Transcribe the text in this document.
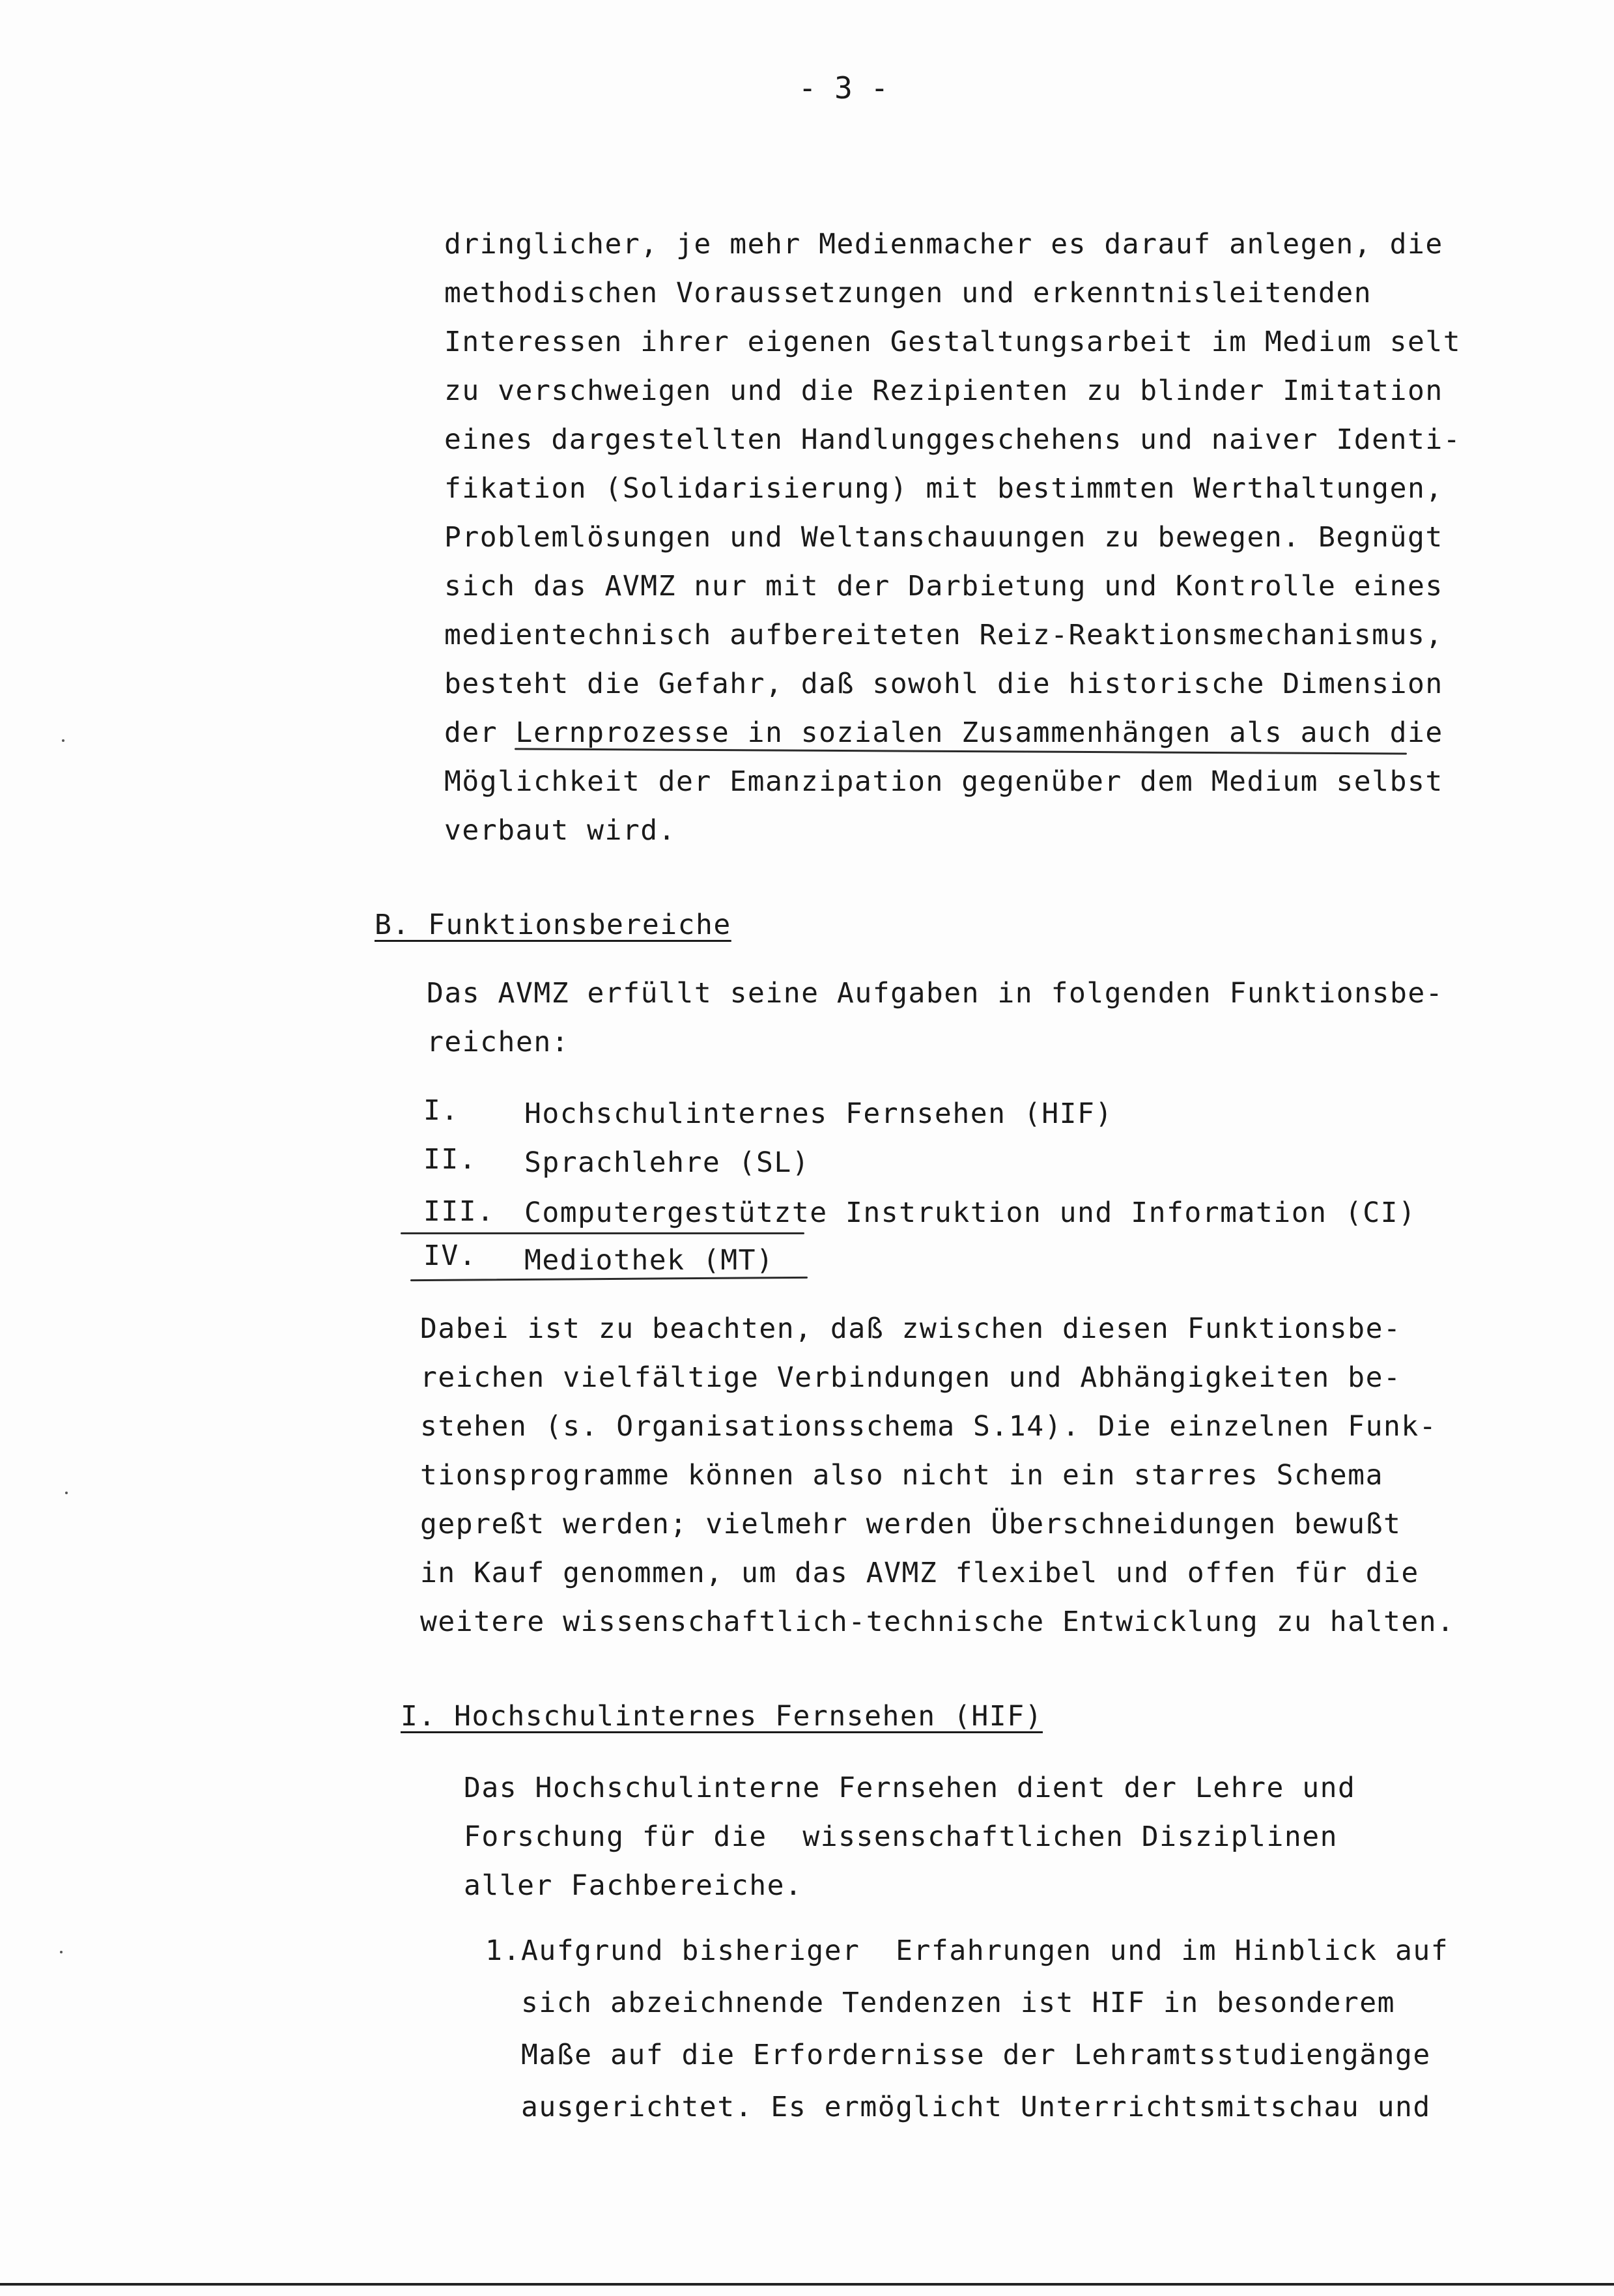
- 3 -
dringlicher, je mehr Medienmacher es darauf anlegen, die
methodischen Voraussetzungen und erkenntnisleitenden
Interessen ihrer eigenen Gestaltungsarbeit im Medium selt
zu verschweigen und die Rezipienten zu blinder Imitation
eines dargestellten Handlunggeschehens und naiver Identi-
fikation (Solidarisierung) mit bestimmten Werthaltungen,
Problemlösungen und Weltanschauungen zu bewegen. Begnügt
sich das AVMZ nur mit der Darbietung und Kontrolle eines
medientechnisch aufbereiteten Reiz-Reaktionsmechanismus,
besteht die Gefahr, daß sowohl die historische Dimension
der Lernprozesse in sozialen Zusammenhängen als auch die
Möglichkeit der Emanzipation gegenüber dem Medium selbst
verbaut wird.
B. Funktionsbereiche
Das AVMZ erfüllt seine Aufgaben in folgenden Funktionsbe-
reichen:
I. Hochschulinternes Fernsehen (HIF)
II. Sprachlehre (SL)
III. Computergestützte Instruktion und Information (CI)
IV. Mediothek (MT)
Dabei ist zu beachten, daß zwischen diesen Funktionsbe-
reichen vielfältige Verbindungen und Abhängigkeiten be-
stehen (s. Organisationsschema S.14). Die einzelnen Funk-
tionsprogramme können also nicht in ein starres Schema
gepreßt werden; vielmehr werden Überschneidungen bewußt
in Kauf genommen, um das AVMZ flexibel und offen für die
weitere wissenschaftlich-technische Entwicklung zu halten.
I. Hochschulinternes Fernsehen (HIF)
Das Hochschulinterne Fernsehen dient der Lehre und
Forschung für die  wissenschaftlichen Disziplinen
aller Fachbereiche.
1. Aufgrund bisheriger  Erfahrungen und im Hinblick auf
sich abzeichnende Tendenzen ist HIF in besonderem
Maße auf die Erfordernisse der Lehramtsstudiengänge
ausgerichtet. Es ermöglicht Unterrichtsmitschau und
